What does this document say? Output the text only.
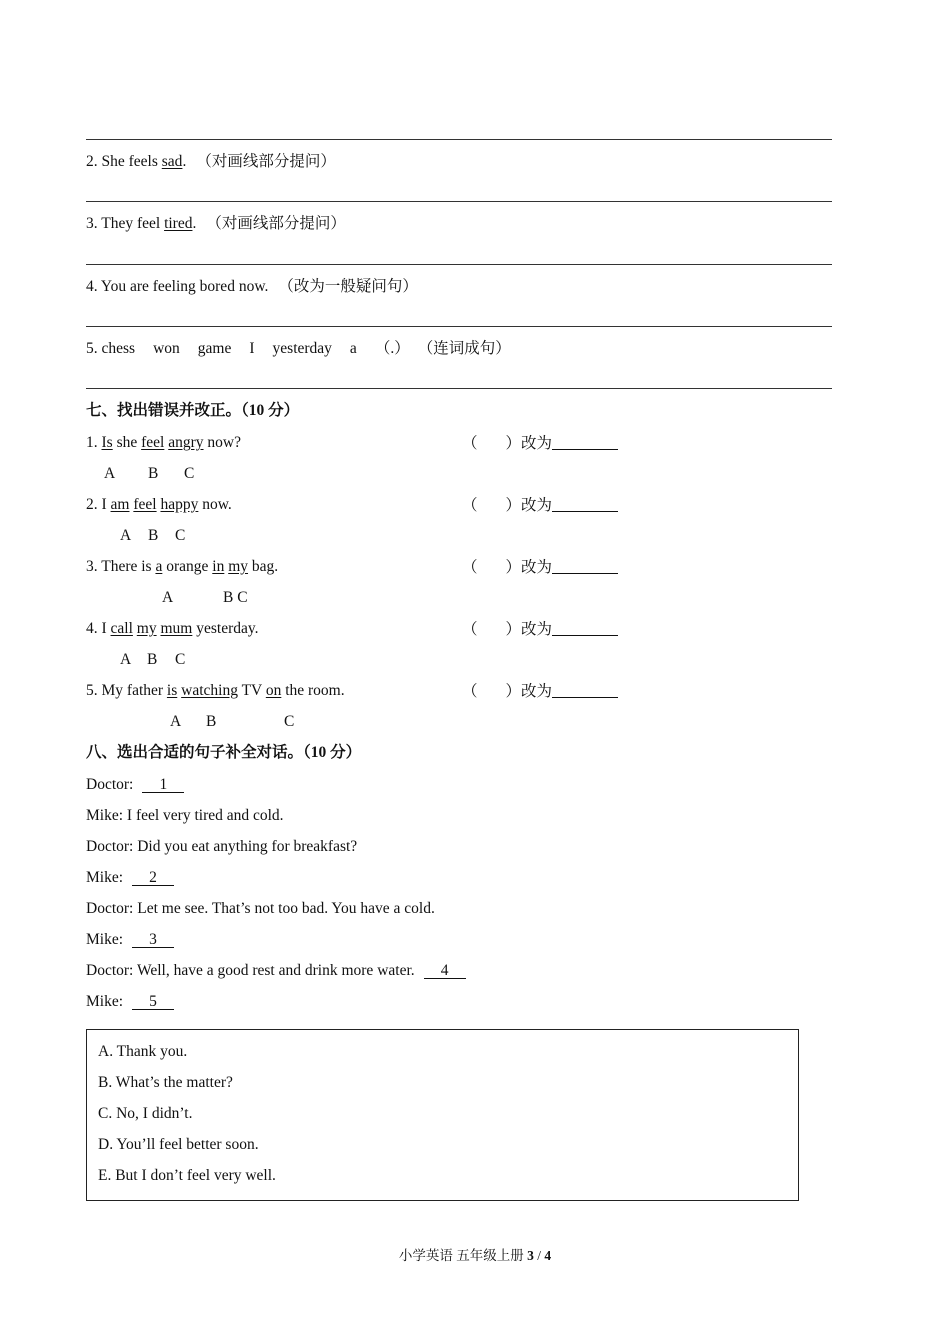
2. She feels sad. （对画线部分提问）
3. They feel tired. （对画线部分提问）
4. You are feeling bored now. （改为一般疑问句）
5. chess won game I yesterday a （.） （连词成句）
七、找出错误并改正。（10 分）
1. Is she feel angry now?
A B C
2. I am feel happy now.
A B C
3. There is a orange in my bag.
A	B C
4. I call my mum yesterday.
A B C
5. My father is watching TV on the room.
A B	C
（ ）改为
（ ）改为
（ ）改为
（ ）改为
（ ）改为
八、选出合适的句子补全对话。（10 分）
Doctor: 1
Mike: I feel very tired and cold.
Doctor: Did you eat anything for breakfast?
Mike: 2
Doctor: Let me see. That’s not too bad. You have a cold.
Mike: 3
Doctor: Well, have a good rest and drink more water. 4
Mike: 5
A. Thank you.
B. What’s the matter?
C. No, I didn’t.
D. You’ll feel better soon.
E. But I don’t feel very well.
小学英语 五年级上册 3 / 4
